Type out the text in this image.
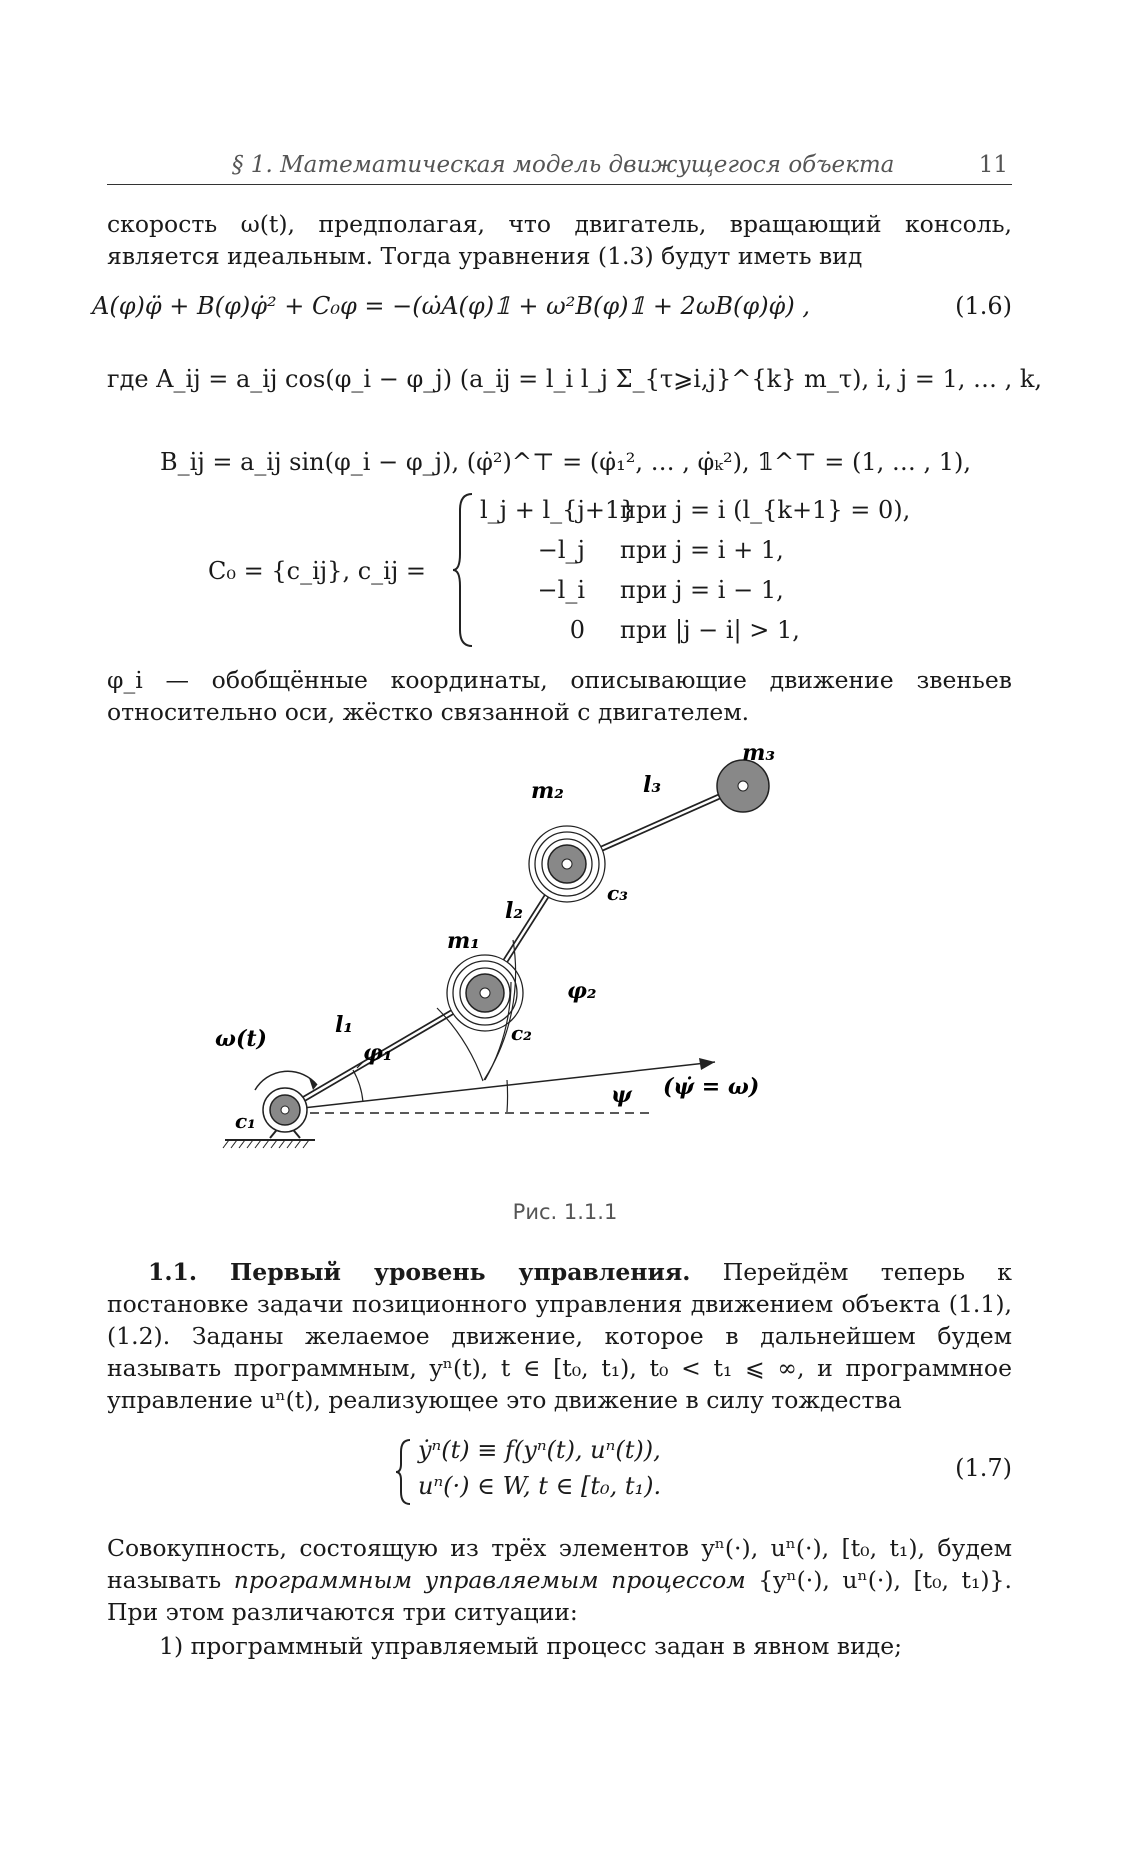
§ 1. Математическая модель движущегося объекта	11
скорость ω(t), предполагая, что двигатель, вращающий консоль, является идеальным. Тогда уравнения (1.3) будут иметь вид
A(φ)φ̈ + B(φ)φ̇² + C₀φ = −(ω̇A(φ)𝟙 + ω²B(φ)𝟙 + 2ωB(φ)φ̇) ,	(1.6)
где A_ij = a_ij cos(φ_i − φ_j) (a_ij = l_i l_j Σ_{τ⩾i,j}^{k} m_τ), i, j = 1, … , k,
B_ij = a_ij sin(φ_i − φ_j), (φ̇²)^⊤ = (φ̇₁², … , φ̇ₖ²), 𝟙^⊤ = (1, … , 1),
C₀ = {c_ij}, c_ij =
l_j + l_{j+1}
при j = i (l_{k+1} = 0),
−l_j при j = i + 1,
−l_i при j = i − 1,
0 при |j − i| > 1,
φ_i — обобщённые координаты, описывающие движение звеньев относительно оси, жёстко связанной с двигателем.
c₁
ω(t)
l₁
φ₁
m₁
c₂
φ₂
l₂
m₂
c₃
l₃
m₃
ψ (ψ̇ = ω)
Рис. 1.1.1
1.1. Первый уровень управления. Перейдём теперь к постановке задачи позиционного управления движением объекта (1.1), (1.2). Заданы желаемое движение, которое в дальнейшем будем называть программным, yⁿ(t), t ∈ [t₀, t₁), t₀ < t₁ ⩽ ∞, и программное управление uⁿ(t), реализующее это движение в силу тождества
ẏⁿ(t) ≡ f(yⁿ(t), uⁿ(t)),
uⁿ(·) ∈ W, t ∈ [t₀, t₁).
(1.7)
Совокупность, состоящую из трёх элементов yⁿ(·), uⁿ(·), [t₀, t₁), будем называть программным управляемым процессом {yⁿ(·), uⁿ(·), [t₀, t₁)}. При этом различаются три ситуации:
1) программный управляемый процесс задан в явном виде;
